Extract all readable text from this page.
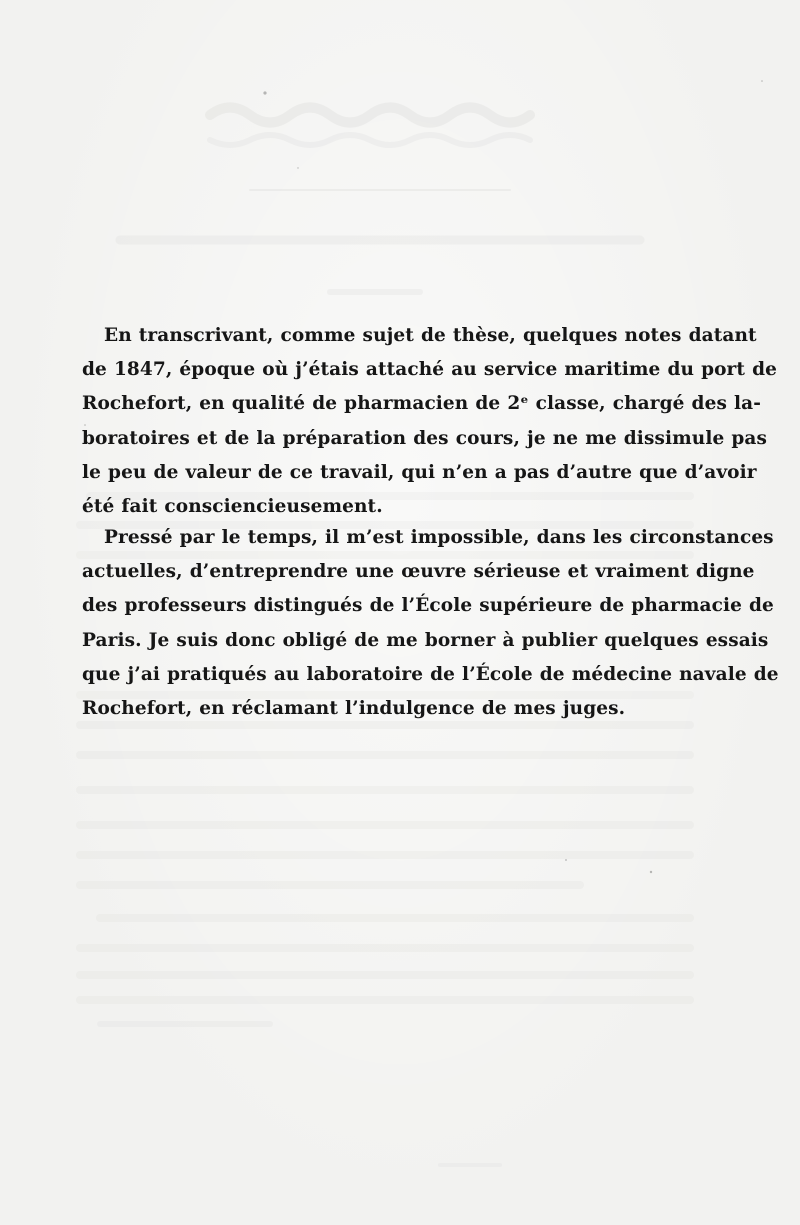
En transcrivant, comme sujet de thèse, quelques notes datant
de 1847, époque où j’étais attaché au service maritime du port de
Rochefort, en qualité de pharmacien de 2ᵉ classe, chargé des la-
boratoires et de la préparation des cours, je ne me dissimule pas
le peu de valeur de ce travail, qui n’en a pas d’autre que d’avoir
été fait consciencieusement.

Pressé par le temps, il m’est impossible, dans les circonstances
actuelles, d’entreprendre une œuvre sérieuse et vraiment digne
des professeurs distingués de l’École supérieure de pharmacie de
Paris. Je suis donc obligé de me borner à publier quelques essais
que j’ai pratiqués au laboratoire de l’École de médecine navale de
Rochefort, en réclamant l’indulgence de mes juges.
